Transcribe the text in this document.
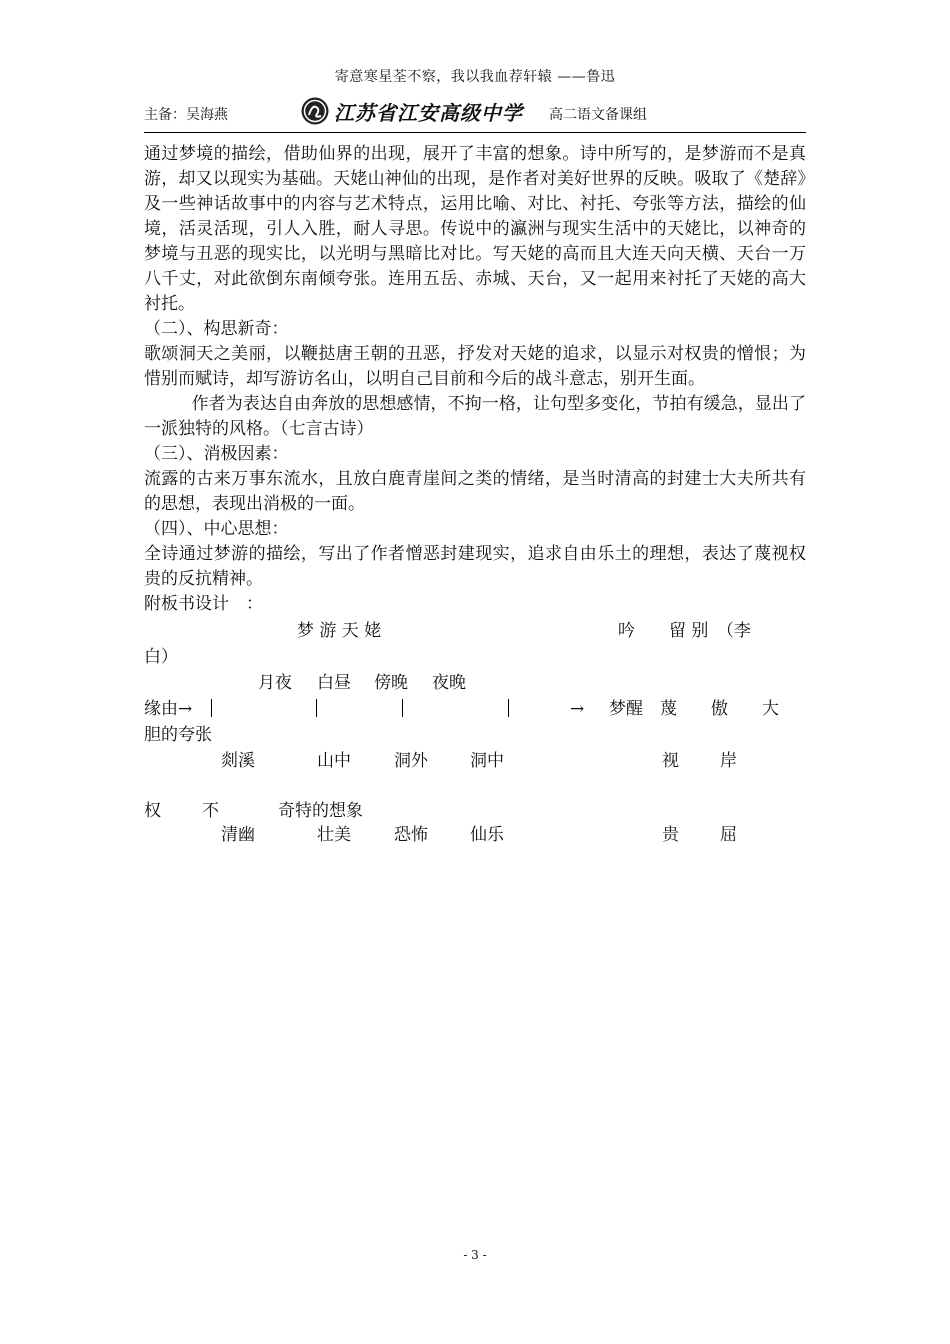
寄意寒星荃不察，我以我血荐轩辕 ——鲁迅
主备：吴海燕	江苏省江安高级中学 高二语文备课组

通过梦境的描绘，借助仙界的出现，展开了丰富的想象。诗中所写的，是梦游而不是真游，却又以现实为基础。天姥山神仙的出现，是作者对美好世界的反映。吸取了《楚辞》及一些神话故事中的内容与艺术特点，运用比喻、对比、衬托、夸张等方法，描绘的仙境，活灵活现，引人入胜，耐人寻思。传说中的瀛洲与现实生活中的天姥比，以神奇的梦境与丑恶的现实比，以光明与黑暗比对比。写天姥的高而且大连天向天横、天台一万八千丈，对此欲倒东南倾夸张。连用五岳、赤城、天台，又一起用来衬托了天姥的高大衬托。

（二）、构思新奇：

歌颂洞天之美丽，以鞭挞唐王朝的丑恶，抒发对天姥的追求，以显示对权贵的憎恨；为惜别而赋诗，却写游访名山，以明自己目前和今后的战斗意志，别开生面。

作者为表达自由奔放的思想感情，不拘一格，让句型多变化，节拍有缓急，显出了一派独特的风格。（七言古诗）

（三）、消极因素：

流露的古来万事东流水，且放白鹿青崖间之类的情绪，是当时清高的封建士大夫所共有的思想，表现出消极的一面。

（四）、中心思想：

全诗通过梦游的描绘，写出了作者憎恶封建现实，追求自由乐土的理想，表达了蔑视权贵的反抗精神。

附板书设计　：

梦 游 天 姥	吟　　留 别　（李
白）
月夜 白昼 傍晚 夜晚
缘由→	→ 梦醒　蔑　　傲　　大
胆的夸张
剡溪	山中	洞外 洞中	视 岸
权 不	奇特的想象
清幽	壮美	恐怖 仙乐	贵 屈
- 3 -
